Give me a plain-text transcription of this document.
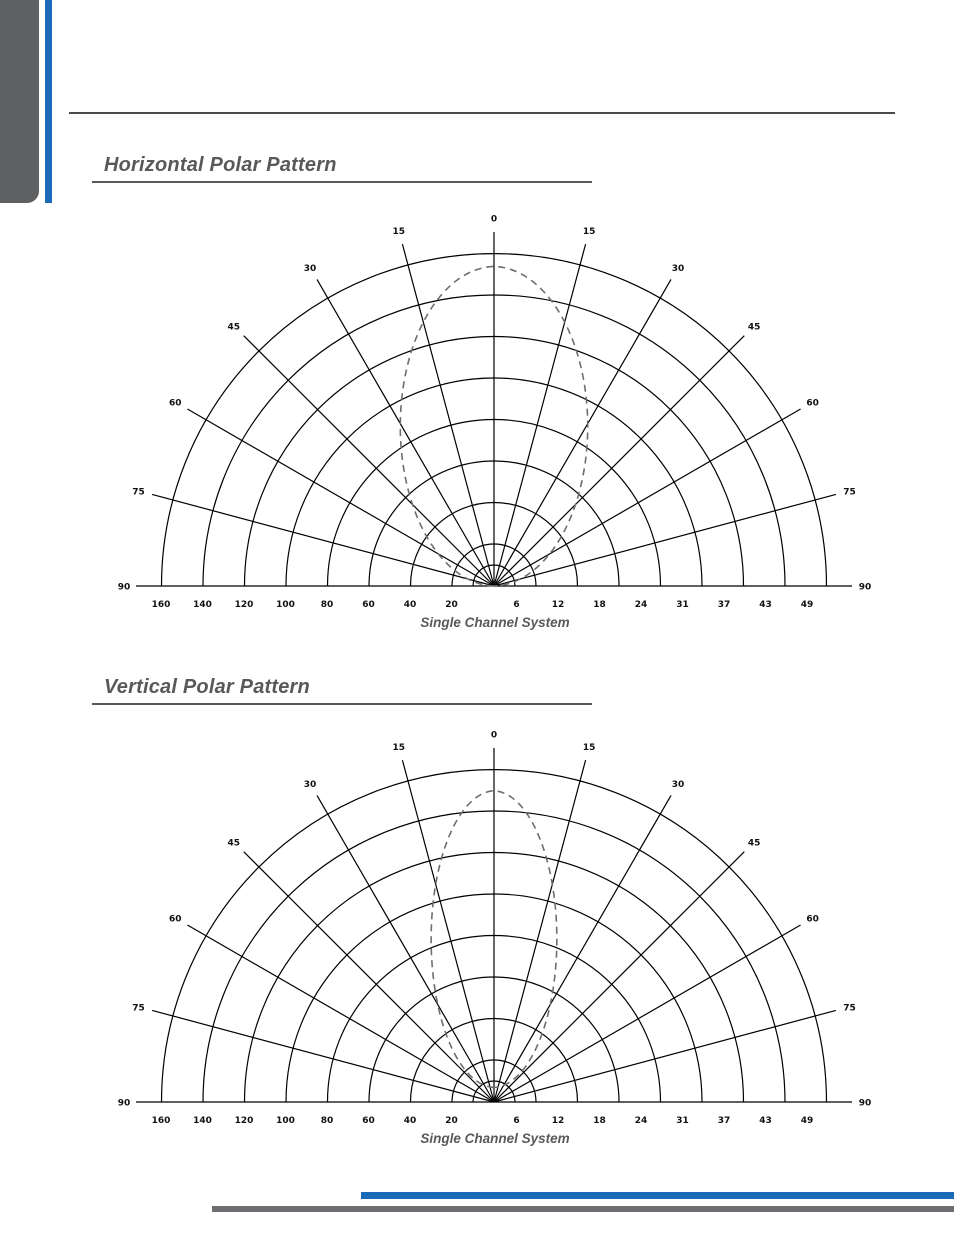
Horizontal Polar Pattern
90
75
60
45
30
15
0
15
30
45
60
75
90
160	140	120	100	80	60	40	20	6	12	18	24	31	37	43	49
Single Channel System
Vertical Polar Pattern
90
75
60
45
30
15
0
15
30
45
60
75
90
160	140	120	100	80	60	40	20	6	12	18	24	31	37	43	49
Single Channel System
